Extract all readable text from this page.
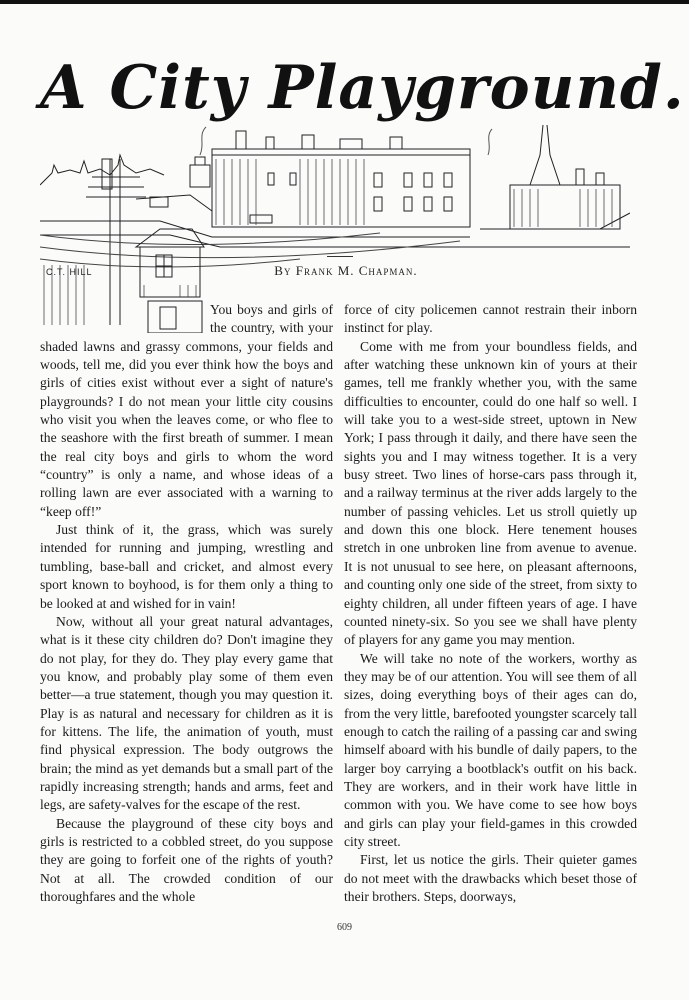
A City Playground.
C.T. HILL	By Frank M. Chapman.

You boys and girls of the country, with your shaded lawns and grassy commons, your fields and woods, tell me, did you ever think how the boys and girls of cities exist without ever a sight of nature's playgrounds? I do not mean your little city cousins who visit you when the leaves come, or who flee to the seashore with the first breath of summer. I mean the real city boys and girls to whom the word “country” is only a name, and whose ideas of a rolling lawn are ever associated with a warning to “keep off!”

Just think of it, the grass, which was surely intended for running and jumping, wrestling and tumbling, base-ball and cricket, and almost every sport known to boyhood, is for them only a thing to be looked at and wished for in vain!

Now, without all your great natural advantages, what is it these city children do? Don't imagine they do not play, for they do. They play every game that you know, and probably play some of them even better—a true statement, though you may question it. Play is as natural and necessary for children as it is for kittens. The life, the animation of youth, must find physical expression. The body outgrows the brain; the mind as yet demands but a small part of the rapidly increasing strength; hands and arms, feet and legs, are safety-valves for the escape of the rest.

Because the playground of these city boys and girls is restricted to a cobbled street, do you suppose they are going to forfeit one of the rights of youth? Not at all. The crowded condition of our thoroughfares and the whole

force of city policemen cannot restrain their inborn instinct for play.

Come with me from your boundless fields, and after watching these unknown kin of yours at their games, tell me frankly whether you, with the same difficulties to encounter, could do one half so well. I will take you to a west-side street, uptown in New York; I pass through it daily, and there have seen the sights you and I may witness together. It is a very busy street. Two lines of horse-cars pass through it, and a railway terminus at the river adds largely to the number of passing vehicles. Let us stroll quietly up and down this one block. Here tenement houses stretch in one unbroken line from avenue to avenue. It is not unusual to see here, on pleasant afternoons, and counting only one side of the street, from sixty to eighty children, all under fifteen years of age. I have counted ninety-six. So you see we shall have plenty of players for any game you may mention.

We will take no note of the workers, worthy as they may be of our attention. You will see them of all sizes, doing everything boys of their ages can do, from the very little, barefooted youngster scarcely tall enough to catch the railing of a passing car and swing himself aboard with his bundle of daily papers, to the larger boy carrying a bootblack's outfit on his back. They are workers, and in their work have little in common with you. We have come to see how boys and girls can play your field-games in this crowded city street.

First, let us notice the girls. Their quieter games do not meet with the drawbacks which beset those of their brothers. Steps, doorways,

609
